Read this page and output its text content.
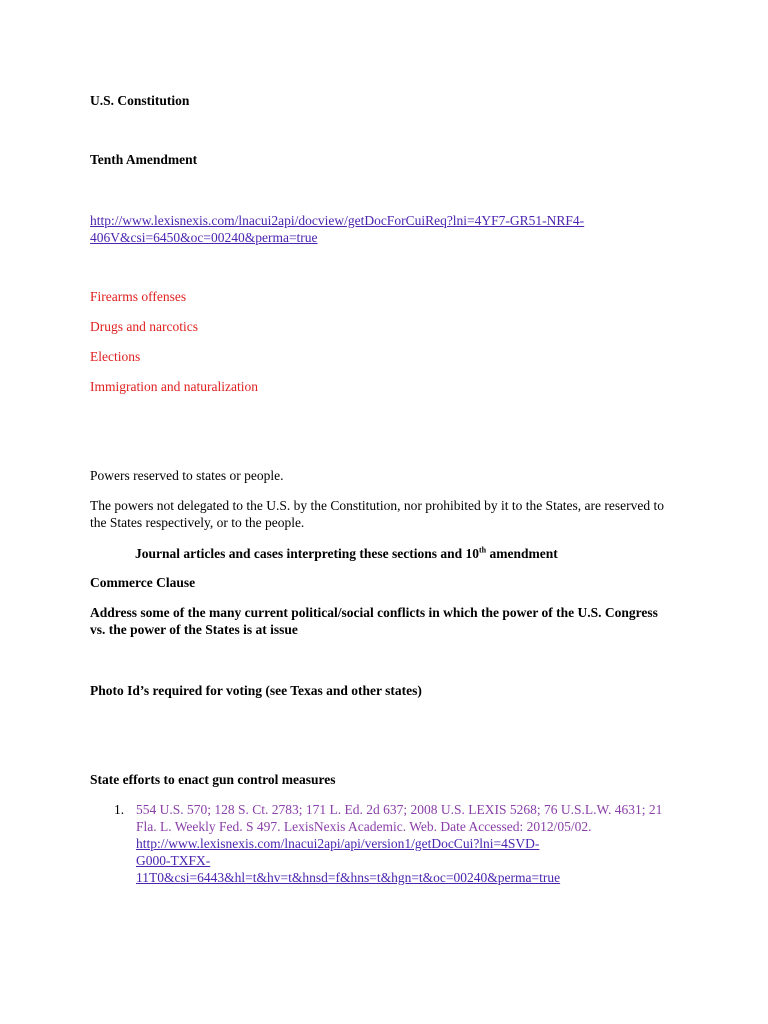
U.S. Constitution
Tenth Amendment
http://www.lexisnexis.com/lnacui2api/docview/getDocForCuiReq?lni=4YF7-GR51-NRF4-
406V&csi=6450&oc=00240&perma=true
Firearms offenses
Drugs and narcotics
Elections
Immigration and naturalization
Powers reserved to states or people.
The powers not delegated to the U.S. by the Constitution, nor prohibited by it to the States, are reserved to the States respectively, or to the people.
Journal articles and cases interpreting these sections and 10th amendment
Commerce Clause
Address some of the many current political/social conflicts in which the power of the U.S. Congress vs. the power of the States is at issue
Photo Id’s required for voting (see Texas and other states)
State efforts to enact gun control measures
1. 554 U.S. 570; 128 S. Ct. 2783; 171 L. Ed. 2d 637; 2008 U.S. LEXIS 5268; 76 U.S.L.W. 4631; 21 Fla. L. Weekly Fed. S 497. LexisNexis Academic. Web. Date Accessed: 2012/05/02. http://www.lexisnexis.com/lnacui2api/api/version1/getDocCui?lni=4SVD-
G000-TXFX-
11T0&csi=6443&hl=t&hv=t&hnsd=f&hns=t&hgn=t&oc=00240&perma=true
